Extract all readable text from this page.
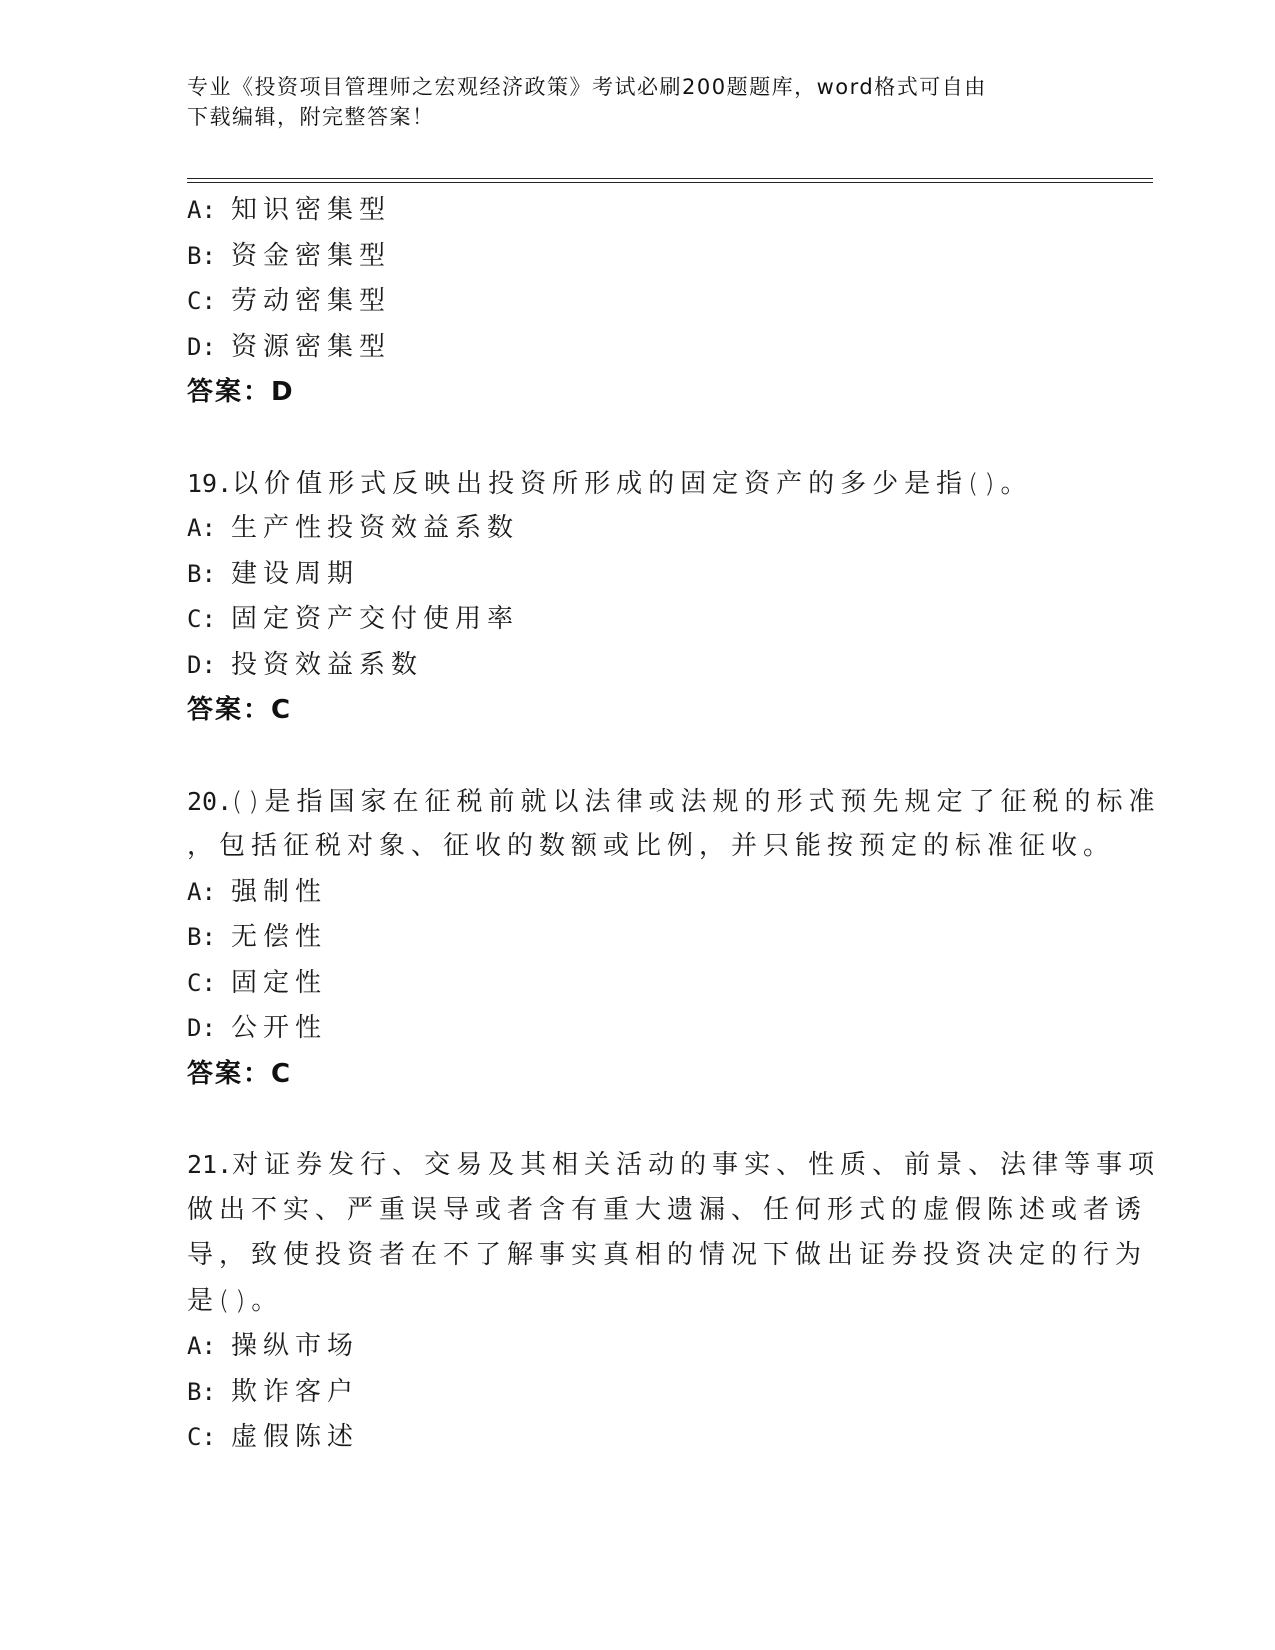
专业《投资项目管理师之宏观经济政策》考试必刷200题题库，word格式可自由
下载编辑，附完整答案！
A: 知识密集型
B: 资金密集型
C: 劳动密集型
D: 资源密集型
答案：D
19.以价值形式反映出投资所形成的固定资产的多少是指()。
A: 生产性投资效益系数
B: 建设周期
C: 固定资产交付使用率
D: 投资效益系数
答案：C
20.()是指国家在征税前就以法律或法规的形式预先规定了征税的标准
，包括征税对象、征收的数额或比例，并只能按预定的标准征收。
A: 强制性
B: 无偿性
C: 固定性
D: 公开性
答案：C
21.对证券发行、交易及其相关活动的事实、性质、前景、法律等事项
做出不实、严重误导或者含有重大遗漏、任何形式的虚假陈述或者诱
导，致使投资者在不了解事实真相的情况下做出证券投资决定的行为
是()。
A: 操纵市场
B: 欺诈客户
C: 虚假陈述
